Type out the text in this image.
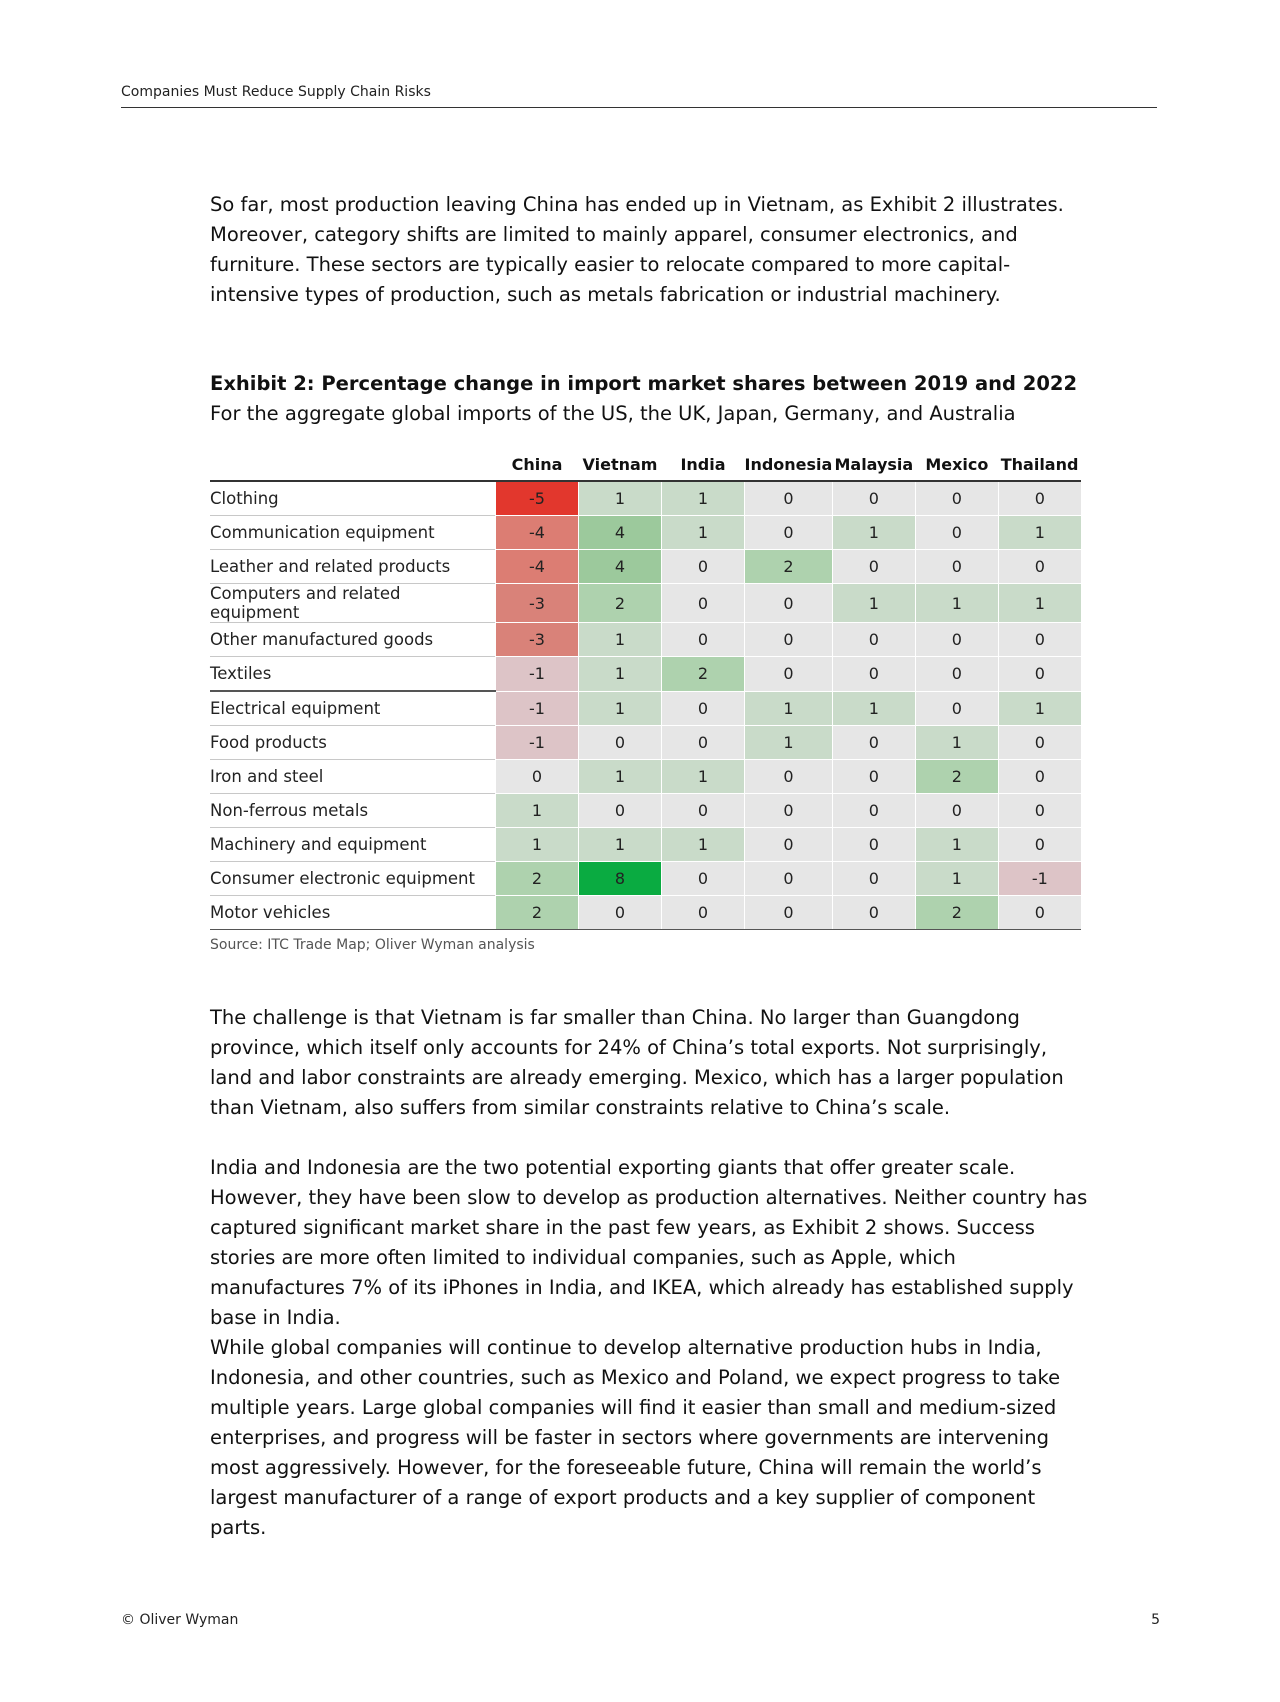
Companies Must Reduce Supply Chain Risks

So far, most production leaving China has ended up in Vietnam, as Exhibit 2 illustrates. Moreover, category shifts are limited to mainly apparel, consumer electronics, and furniture. These sectors are typically easier to relocate compared to more capital-intensive types of production, such as metals fabrication or industrial machinery.

Exhibit 2: Percentage change in import market shares between 2019 and 2022
For the aggregate global imports of the US, the UK, Japan, Germany, and Australia
	China	Vietnam	India	Indonesia	Malaysia	Mexico	Thailand
Clothing	-5	1	1	0	0	0	0
Communication equipment	-4	4	1	0	1	0	1
Leather and related products	-4	4	0	2	0	0	0
Computers and related equipment	-3	2	0	0	1	1	1
Other manufactured goods	-3	1	0	0	0	0	0
Textiles	-1	1	2	0	0	0	0
Electrical equipment	-1	1	0	1	1	0	1
Food products	-1	0	0	1	0	1	0
Iron and steel	0	1	1	0	0	2	0
Non-ferrous metals	1	0	0	0	0	0	0
Machinery and equipment	1	1	1	0	0	1	0
Consumer electronic equipment	2	8	0	0	0	1	-1
Motor vehicles	2	0	0	0	0	2	0
Source: ITC Trade Map; Oliver Wyman analysis

The challenge is that Vietnam is far smaller than China. No larger than Guangdong province, which itself only accounts for 24% of China’s total exports. Not surprisingly, land and labor constraints are already emerging. Mexico, which has a larger population than Vietnam, also suffers from similar constraints relative to China’s scale.

India and Indonesia are the two potential exporting giants that offer greater scale. However, they have been slow to develop as production alternatives. Neither country has captured significant market share in the past few years, as Exhibit 2 shows. Success stories are more often limited to individual companies, such as Apple, which manufactures 7% of its iPhones in India, and IKEA, which already has established supply base in India.

While global companies will continue to develop alternative production hubs in India, Indonesia, and other countries, such as Mexico and Poland, we expect progress to take multiple years. Large global companies will find it easier than small and medium-sized enterprises, and progress will be faster in sectors where governments are intervening most aggressively. However, for the foreseeable future, China will remain the world’s largest manufacturer of a range of export products and a key supplier of component parts.

© Oliver Wyman	5
